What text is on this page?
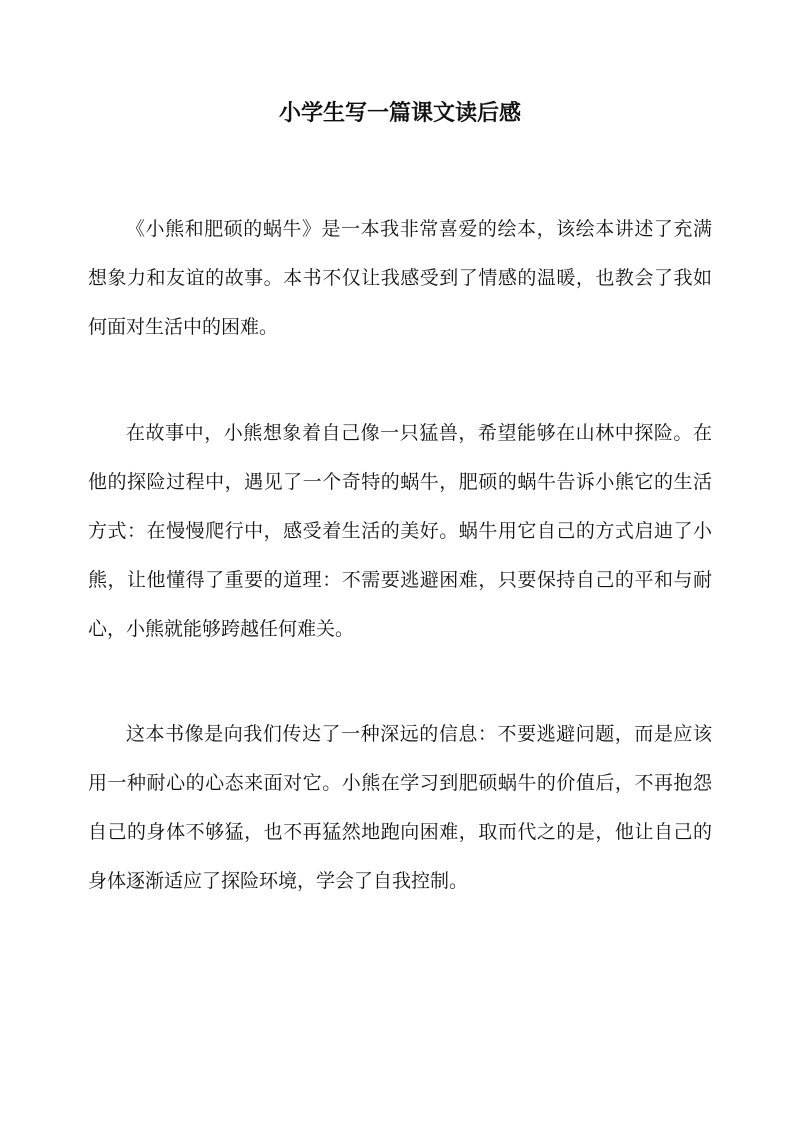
小学生写一篇课文读后感

《小熊和肥硕的蜗牛》是一本我非常喜爱的绘本，该绘本讲述了充满想象力和友谊的故事。本书不仅让我感受到了情感的温暖，也教会了我如何面对生活中的困难。

在故事中，小熊想象着自己像一只猛兽，希望能够在山林中探险。在他的探险过程中，遇见了一个奇特的蜗牛，肥硕的蜗牛告诉小熊它的生活方式：在慢慢爬行中，感受着生活的美好。蜗牛用它自己的方式启迪了小熊，让他懂得了重要的道理：不需要逃避困难，只要保持自己的平和与耐心，小熊就能够跨越任何难关。

这本书像是向我们传达了一种深远的信息：不要逃避问题，而是应该用一种耐心的心态来面对它。小熊在学习到肥硕蜗牛的价值后，不再抱怨自己的身体不够猛，也不再猛然地跑向困难，取而代之的是，他让自己的身体逐渐适应了探险环境，学会了自我控制。
